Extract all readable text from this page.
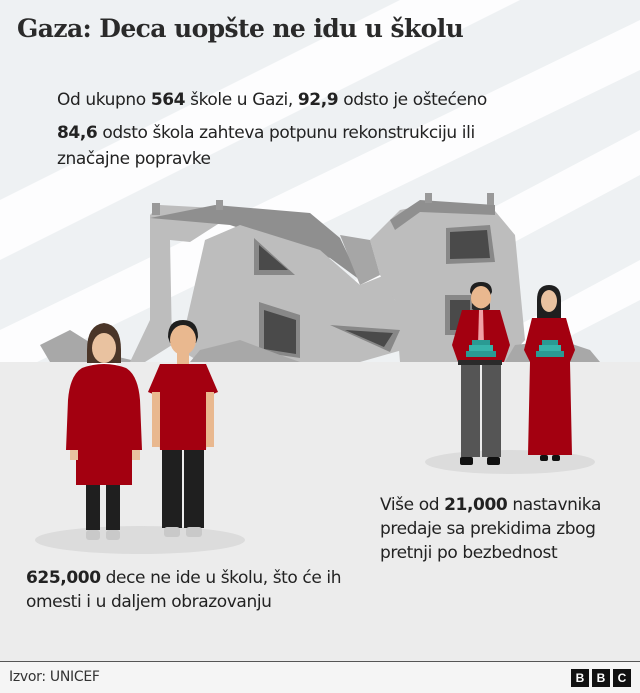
Gaza: Deca uopšte ne idu u školu
Od ukupno 564 škole u Gazi, 92,9 odsto je oštećeno
84,6 odsto škola zahteva potpunu rekonstrukciju ili značajne popravke
Više od 21,000 nastavnika predaje sa prekidima zbog pretnji po bezbednost
625,000 dece ne ide u školu, što će ih omesti i u daljem obrazovanju
Izvor: UNICEF	B	B	C
